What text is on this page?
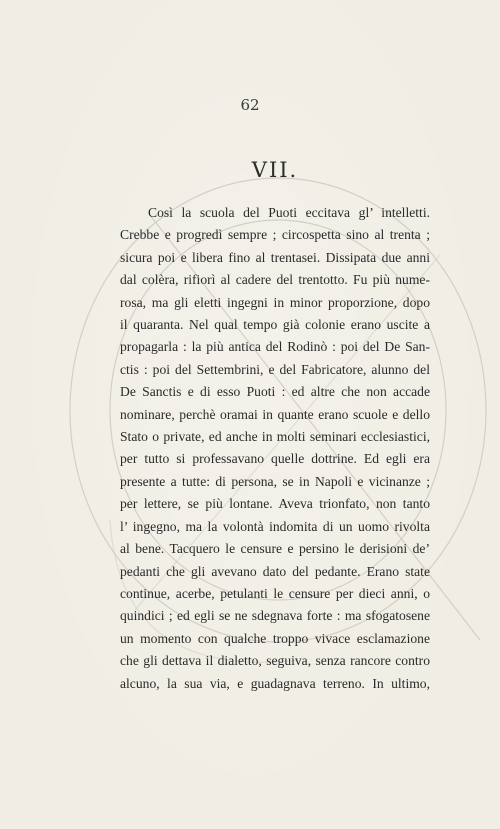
62
VII.
Così la scuola del Puoti eccitava gl’ intelletti.
Crebbe e progredì sempre ; circospetta sino al trenta ;
sicura poi e libera fino al trentasei. Dissipata due anni
dal colèra, rifiorì al cadere del trentotto. Fu più nume-
rosa, ma gli eletti ingegni in minor proporzione, dopo
il quaranta. Nel qual tempo già colonie erano uscite a
propagarla : la più antica del Rodinò : poi del De San-
ctis : poi del Settembrini, e del Fabricatore, alunno del
De Sanctis e di esso Puoti : ed altre che non accade
nominare, perchè oramai in quante erano scuole e dello
Stato o private, ed anche in molti seminari ecclesiastici,
per tutto si professavano quelle dottrine. Ed egli era
presente a tutte: di persona, se in Napoli e vicinanze ;
per lettere, se più lontane. Aveva trionfato, non tanto
l’ ingegno, ma la volontà indomita di un uomo rivolta
al bene. Tacquero le censure e persino le derisioni de’
pedanti che gli avevano dato del pedante. Erano state
continue, acerbe, petulanti le censure per dieci anni, o
quindici ; ed egli se ne sdegnava forte : ma sfogatosene
un momento con qualche troppo vivace esclamazione
che gli dettava il dialetto, seguiva, senza rancore contro
alcuno, la sua via, e guadagnava terreno. In ultimo,
